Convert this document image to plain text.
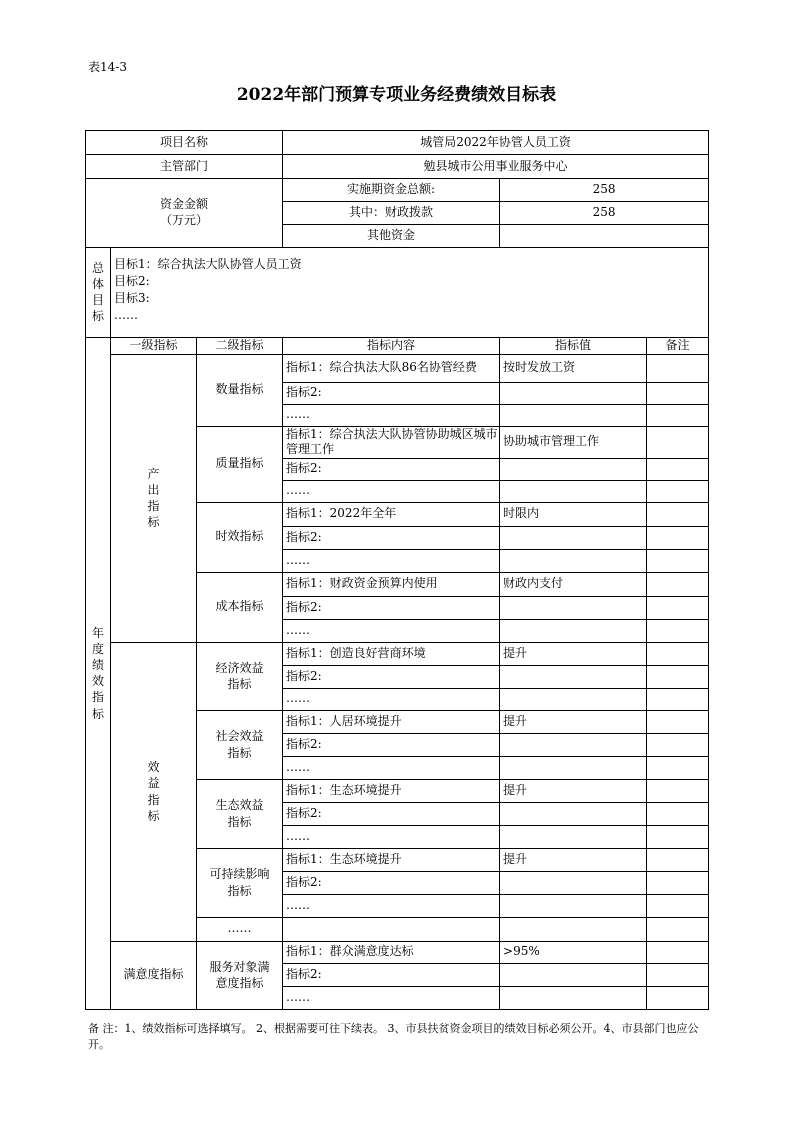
表14-3
2022年部门预算专项业务经费绩效目标表
项目名称			城管局2022年协管人员工资		
主管部门			勉县城市公用事业服务中心		

资金金额
（万元）			实施期资金总额:	258	
			其中：财政拨款	258	
			其他资金		
总体目标	目标1：综合执法大队协管人员工资
目标2:
目标3:
……				

年度绩效指标	一级指标	二级指标	指标内容	指标值	备注
	产出指标	数量指标	指标1：综合执法大队86名协管经费	按时发放工资	
			指标2:		
			……		
		质量指标	指标1：综合执法大队协管协助城区城市管理工作	协助城市管理工作	
			指标2:		
			……		
		时效指标	指标1：2022年全年	时限内	
			指标2:		
			……		
		成本指标	指标1：财政资金预算内使用	财政内支付	
			指标2:		
			……		
	效益指标	经济效益指标	指标1：创造良好营商环境	提升	
			指标2:		
			……		
		社会效益指标	指标1：人居环境提升	提升	
			指标2:		
			……		
		生态效益指标	指标1：生态环境提升	提升	
			指标2:		
			……		
		可持续影响指标	指标1：生态环境提升	提升	
			指标2:		
			……		
		……			
	满意度指标	服务对象满意度指标	指标1：群众满意度达标	>95%	
			指标2:		
			……		
备 注：1、绩效指标可选择填写。 2、根据需要可往下续表。 3、市县扶贫资金项目的绩效目标必须公开。4、市县部门也应公开。
